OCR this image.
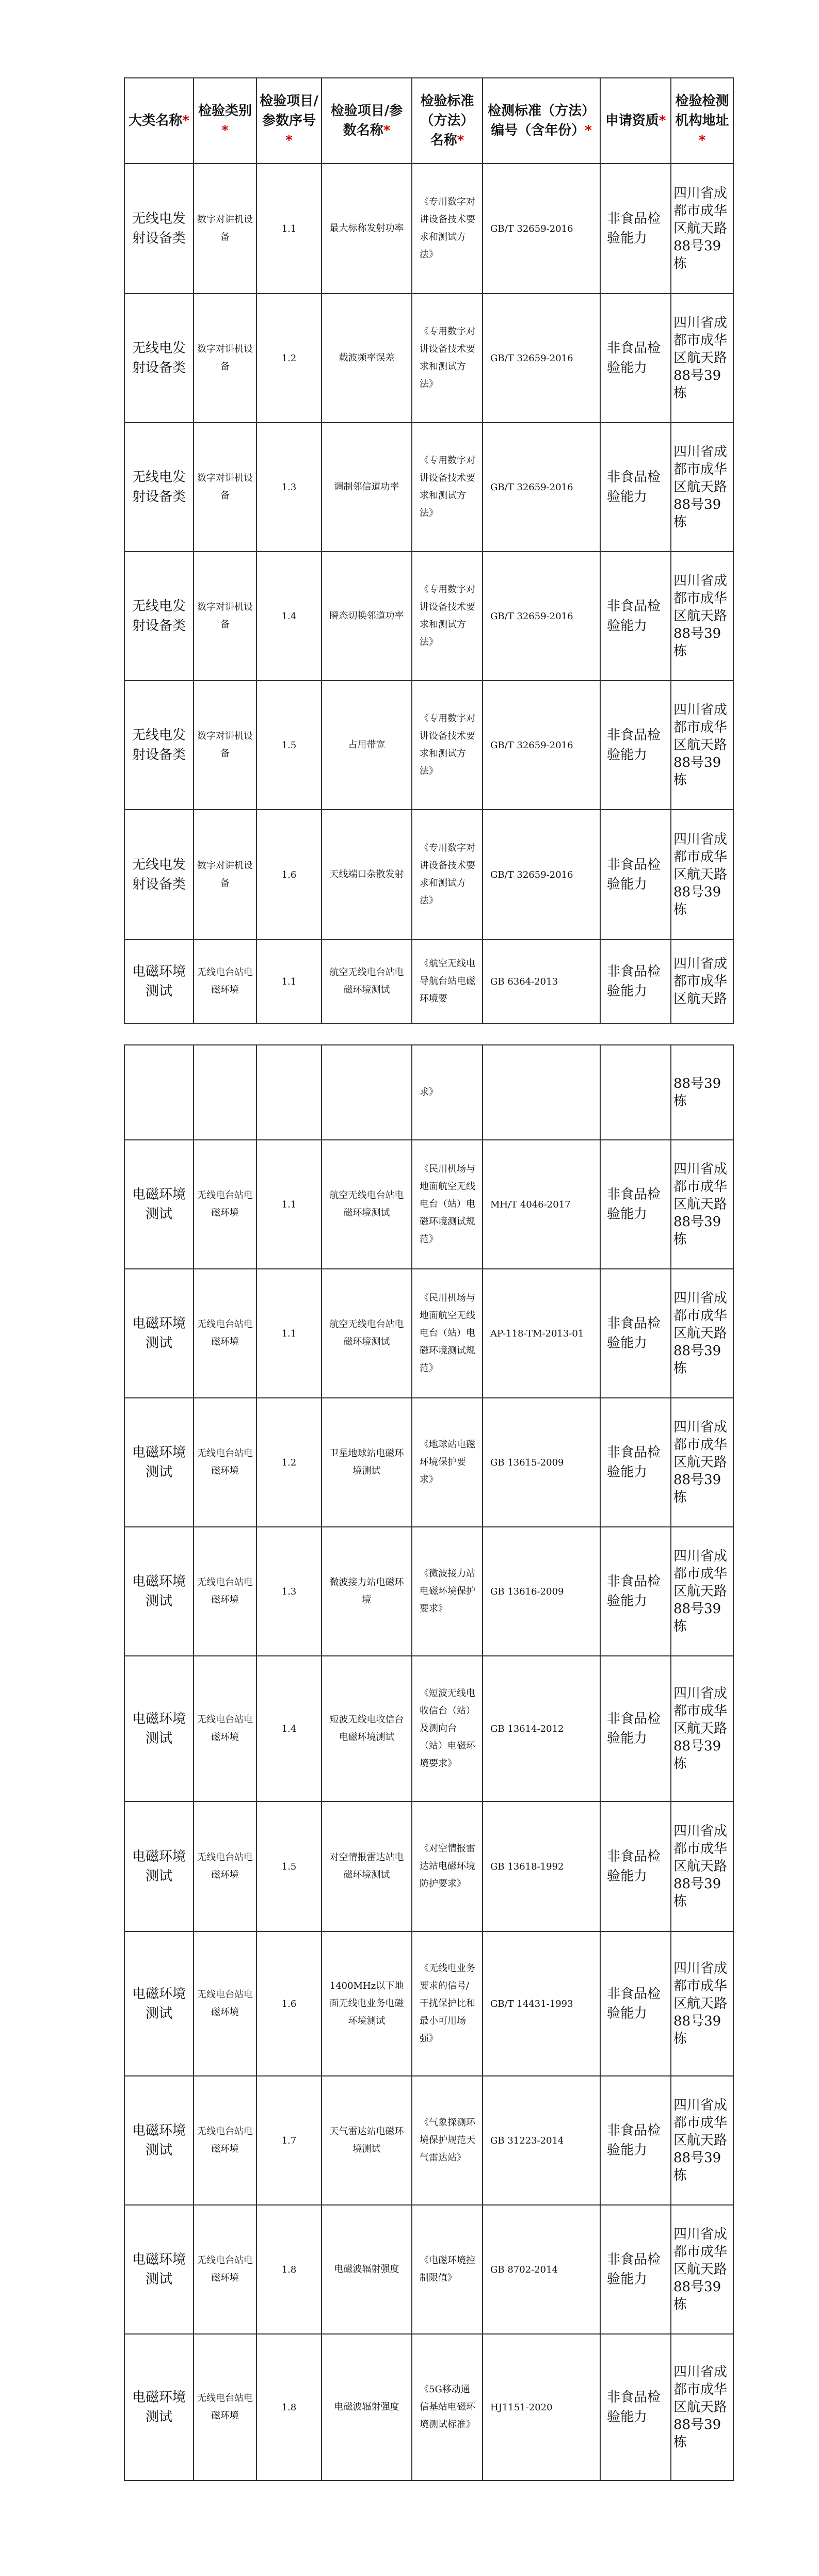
大类名称*	检验类别*	检验项目/参数序号*	检验项目/参数名称*	检验标准（方法）名称*	检测标准（方法）编号（含年份）*	申请资质*	检验检测机构地址*
无线电发射设备类	数字对讲机设备	1.1	最大标称发射功率	《专用数字对讲设备技术要求和测试方法》	GB/T 32659-2016	非食品检验能力	四川省成都市成华区航天路88号39栋
无线电发射设备类	数字对讲机设备	1.2	载波频率误差	《专用数字对讲设备技术要求和测试方法》	GB/T 32659-2016	非食品检验能力	四川省成都市成华区航天路88号39栋
无线电发射设备类	数字对讲机设备	1.3	调制邻信道功率	《专用数字对讲设备技术要求和测试方法》	GB/T 32659-2016	非食品检验能力	四川省成都市成华区航天路88号39栋
无线电发射设备类	数字对讲机设备	1.4	瞬态切换邻道功率	《专用数字对讲设备技术要求和测试方法》	GB/T 32659-2016	非食品检验能力	四川省成都市成华区航天路88号39栋
无线电发射设备类	数字对讲机设备	1.5	占用带宽	《专用数字对讲设备技术要求和测试方法》	GB/T 32659-2016	非食品检验能力	四川省成都市成华区航天路88号39栋
无线电发射设备类	数字对讲机设备	1.6	天线端口杂散发射	《专用数字对讲设备技术要求和测试方法》	GB/T 32659-2016	非食品检验能力	四川省成都市成华区航天路88号39栋
电磁环境测试	无线电台站电磁环境	1.1	航空无线电台站电磁环境测试	《航空无线电导航台站电磁环境要	GB 6364-2013	非食品检验能力	四川省成都市成华区航天路

				求》			88号39栋
电磁环境测试	无线电台站电磁环境	1.1	航空无线电台站电磁环境测试	《民用机场与地面航空无线电台（站）电磁环境测试规范》	MH/T 4046-2017	非食品检验能力	四川省成都市成华区航天路88号39栋
电磁环境测试	无线电台站电磁环境	1.1	航空无线电台站电磁环境测试	《民用机场与地面航空无线电台（站）电磁环境测试规范》	AP-118-TM-2013-01	非食品检验能力	四川省成都市成华区航天路88号39栋
电磁环境测试	无线电台站电磁环境	1.2	卫星地球站电磁环境测试	《地球站电磁环境保护要求》	GB 13615-2009	非食品检验能力	四川省成都市成华区航天路88号39栋
电磁环境测试	无线电台站电磁环境	1.3	微波接力站电磁环境	《微波接力站电磁环境保护要求》	GB 13616-2009	非食品检验能力	四川省成都市成华区航天路88号39栋
电磁环境测试	无线电台站电磁环境	1.4	短波无线电收信台电磁环境测试	《短波无线电收信台（站）及测向台（站）电磁环境要求》	GB 13614-2012	非食品检验能力	四川省成都市成华区航天路88号39栋
电磁环境测试	无线电台站电磁环境	1.5	对空情报雷达站电磁环境测试	《对空情报雷达站电磁环境防护要求》	GB 13618-1992	非食品检验能力	四川省成都市成华区航天路88号39栋
电磁环境测试	无线电台站电磁环境	1.6	1400MHz以下地面无线电业务电磁环境测试	《无线电业务要求的信号/干扰保护比和最小可用场强》	GB/T 14431-1993	非食品检验能力	四川省成都市成华区航天路88号39栋
电磁环境测试	无线电台站电磁环境	1.7	天气雷达站电磁环境测试	《气象探测环境保护规范天气雷达站》	GB 31223-2014	非食品检验能力	四川省成都市成华区航天路88号39栋
电磁环境测试	无线电台站电磁环境	1.8	电磁波辐射强度	《电磁环境控制限值》	GB 8702-2014	非食品检验能力	四川省成都市成华区航天路88号39栋
电磁环境测试	无线电台站电磁环境	1.8	电磁波辐射强度	《5G移动通信基站电磁环境测试标准》	HJ1151-2020	非食品检验能力	四川省成都市成华区航天路88号39栋
